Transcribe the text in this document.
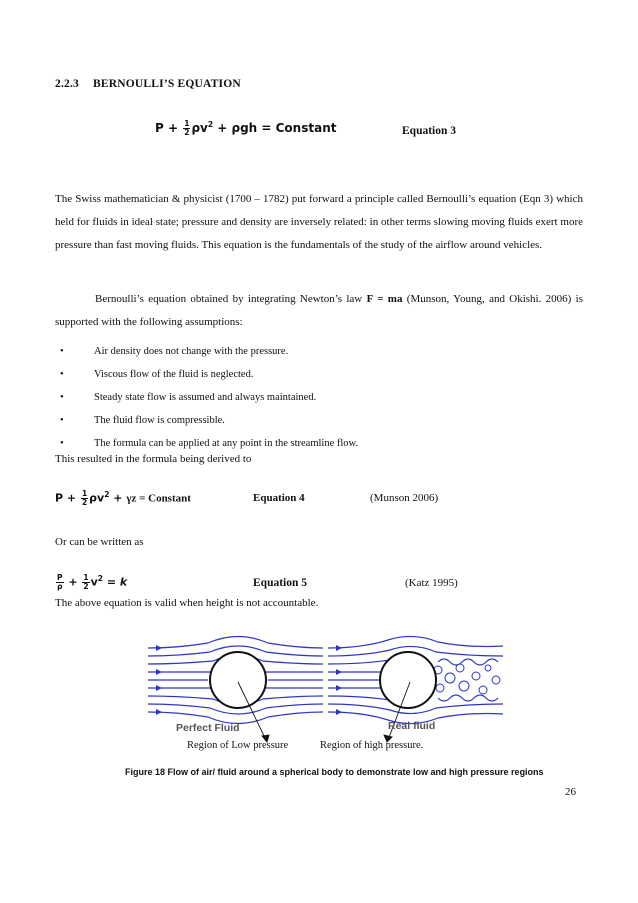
2.2.3 BERNOULLI’S EQUATION
$P + \frac{1}{2} \rho v^2 + \rho gh$ = Constant	Equation 3
The Swiss mathematician & physicist (1700 – 1782) put forward a principle called Bernoulli’s equation (Eqn 3) which held for fluids in ideal state; pressure and density are inversely related: in other terms slowing moving fluids exert more pressure than fast moving fluids. This equation is the fundamentals of the study of the airflow around vehicles.
Bernoulli’s equation obtained by integrating Newton’s law F = ma (Munson, Young, and Okishi. 2006) is supported with the following assumptions:
•	Air density does not change with the pressure.
•	Viscous flow of the fluid is neglected.
•	Steady state flow is assumed and always maintained.
•	The fluid flow is compressible.
•	The formula can be applied at any point in the streamline flow.
This resulted in the formula being derived to
$P + \frac{1}{2} \rho v^2 + \gamma z$ = Constant	Equation 4	(Munson 2006)
Or can be written as
$\frac{P}{\rho} + \frac{1}{2} v^2 = k$	Equation 5	(Katz 1995)
The above equation is valid when height is not accountable.
Perfect Fluid	Real fluid
Region of Low pressure	Region of high pressure.
Figure 18 Flow of air/ fluid around a spherical body to demonstrate low and high pressure regions
26
